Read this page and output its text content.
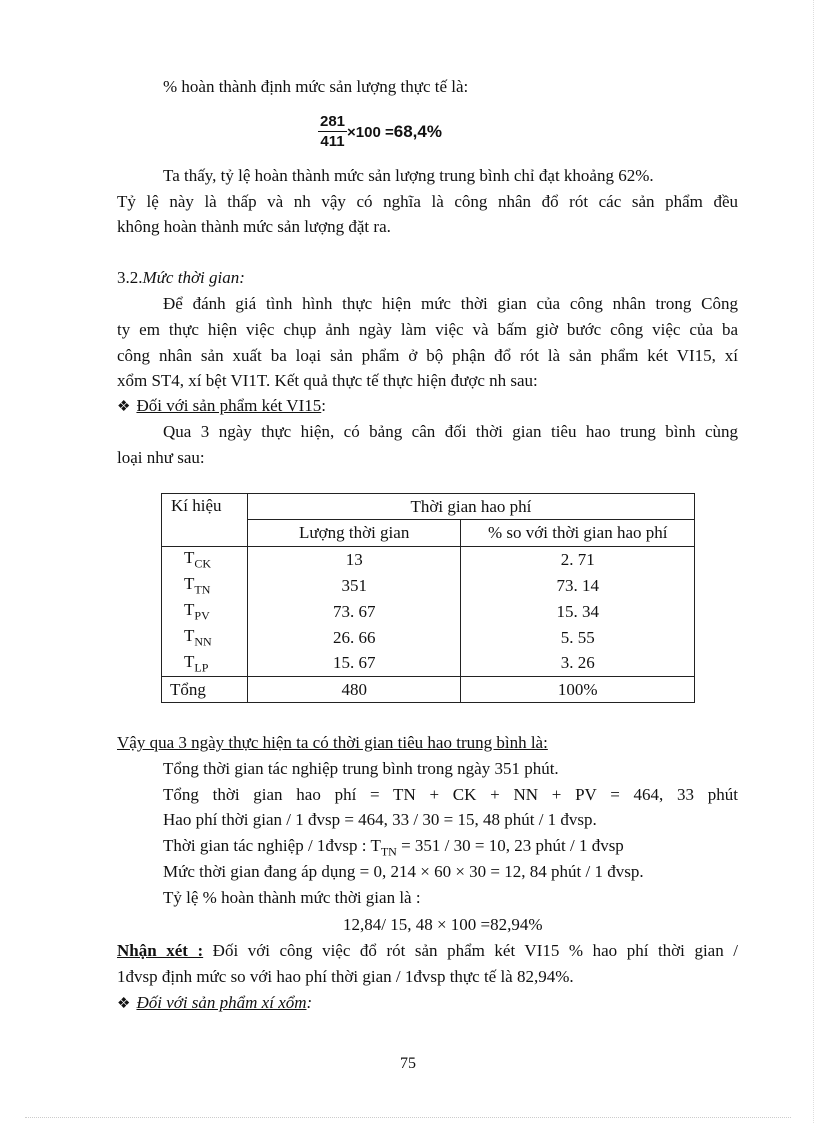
% hoàn thành định mức sản lượng thực tế là:
$\frac{281}{411} \times 100 =68,4\%$
Ta thấy, tỷ lệ hoàn thành mức sản lượng trung bình chỉ đạt khoảng 62%.
Tỷ lệ này là thấp và nh vậy có nghĩa là công nhân đổ rót các sản phẩm đều
không hoàn thành mức sản lượng đặt ra.
3.2.Mức thời gian:
Để đánh giá tình hình thực hiện mức thời gian của công nhân trong Công
ty em thực hiện việc chụp ảnh ngày làm việc và bấm giờ bước công việc của ba
công nhân sản xuất ba loại sản phẩm ở bộ phận đổ rót là sản phẩm két VI15, xí
xổm ST4, xí bệt VI1T. Kết quả thực tế thực hiện được nh sau:
❖ Đối với sản phẩm két VI15:
Qua 3 ngày thực hiện, có bảng cân đối thời gian tiêu hao trung bình cùng
loại như sau:
Kí hiệu	Thời gian hao phí	
	Lượng thời gian	% so với thời gian hao phí
$T_{CK}$	13	2. 71
$T_{TN}$	351	73. 14
$T_{PV}$	73. 67	15. 34
$T_{NN}$	26. 66	5. 55
$T_{LP}$	15. 67	3. 26
Tổng	480	100%
Vậy qua 3 ngày thực hiện ta có thời gian tiêu hao trung bình là:
Tổng thời gian tác nghiệp trung bình trong ngày 351 phút.
Tổng thời gian hao phí = TN + CK + NN + PV = 464, 33 phút
Hao phí thời gian / 1 đvsp = 464, 33 / 30 = 15, 48 phút / 1 đvsp.
Thời gian tác nghiệp / 1đvsp : $T_{TN} = 351 / 30 = 10$, 23 phút / 1 đvsp
Mức thời gian đang áp dụng = 0, 214 × 60 × 30 = 12, 84 phút / 1 đvsp.
Tỷ lệ % hoàn thành mức thời gian là :
12,84/ 15, 48 × 100 =82,94%
Nhận xét : Đối với công việc đổ rót sản phẩm két VI15 % hao phí thời gian /
1đvsp định mức so với hao phí thời gian / 1đvsp thực tế là 82,94%.
❖ Đối với sản phẩm xí xổm:
75
